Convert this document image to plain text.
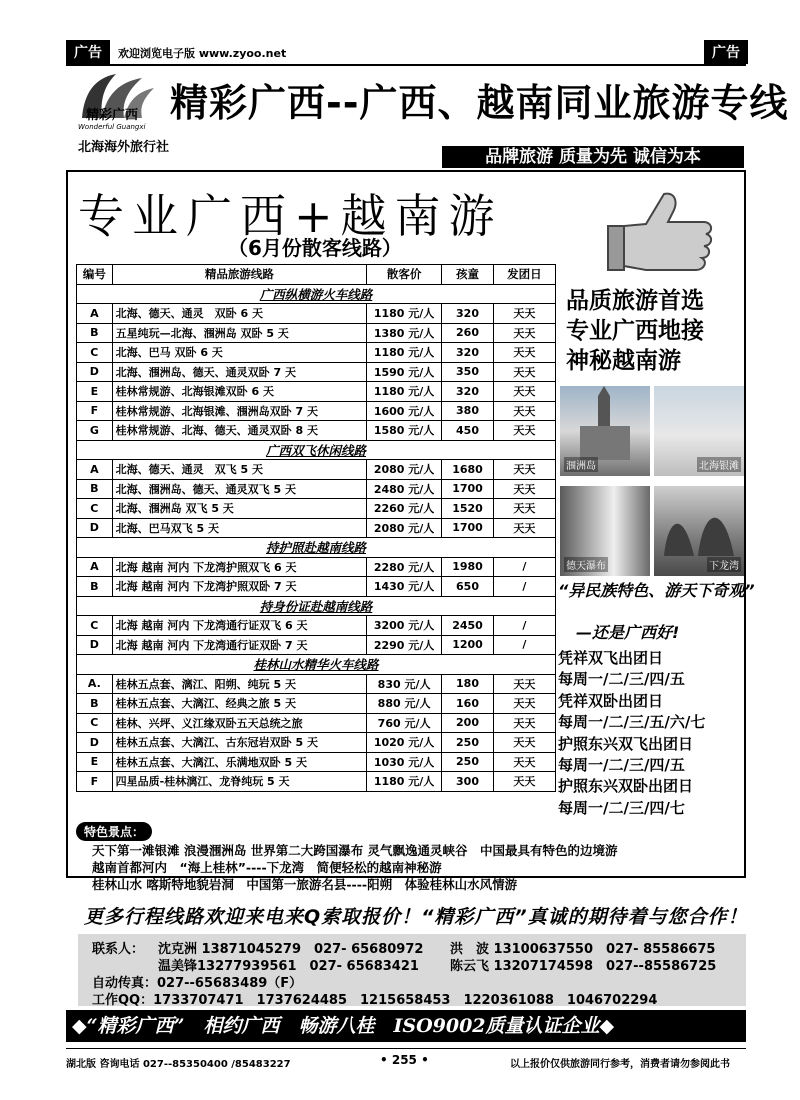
广告	欢迎浏览电子版 www.zyoo.net	广告
精彩广西
Wonderful Guangxi
精彩广西--广西、越南同业旅游专线
北海海外旅行社	品牌旅游 质量为先 诚信为本
专业广西+越南游
（6月份散客线路）
编号	精品旅游线路	散客价	孩童	发团日
广西纵横游火车线路				
A	北海、德天、通灵　双卧 6 天	1180 元/人	320	天天
B	五星纯玩—北海、涠洲岛 双卧 5 天	1380 元/人	260	天天
C	北海、巴马 双卧 6 天	1180 元/人	320	天天
D	北海、涠洲岛、德天、通灵双卧 7 天	1590 元/人	350	天天
E	桂林常规游、北海银滩双卧 6 天	1180 元/人	320	天天
F	桂林常规游、北海银滩、涠洲岛双卧 7 天	1600 元/人	380	天天
G	桂林常规游、北海、德天、通灵双卧 8 天	1580 元/人	450	天天
广西双飞休闲线路				
A	北海、德天、通灵　双飞 5 天	2080 元/人	1680	天天
B	北海、涠洲岛、德天、通灵双飞 5 天	2480 元/人	1700	天天
C	北海、涠洲岛 双飞 5 天	2260 元/人	1520	天天
D	北海、巴马双飞 5 天	2080 元/人	1700	天天
持护照赴越南线路				
A	北海 越南 河内 下龙湾护照双飞 6 天	2280 元/人	1980	/
B	北海 越南 河内 下龙湾护照双卧 7 天	1430 元/人	650	/
持身份证赴越南线路				
C	北海 越南 河内 下龙湾通行证双飞 6 天	3200 元/人	2450	/
D	北海 越南 河内 下龙湾通行证双卧 7 天	2290 元/人	1200	/
桂林山水精华火车线路				
A.	桂林五点套、漓江、阳朔、纯玩 5 天	830 元/人	180	天天
B	桂林五点套、大漓江、经典之旅 5 天	880 元/人	160	天天
C	桂林、兴坪、义江缘双卧五天总统之旅	760 元/人	200	天天
D	桂林五点套、大漓江、古东冠岩双卧 5 天	1020 元/人	250	天天
E	桂林五点套、大漓江、乐满地双卧 5 天	1030 元/人	250	天天
F	四星品质-桂林漓江、龙脊纯玩 5 天	1180 元/人	300	天天
品质旅游首选
专业广西地接
神秘越南游
涠洲岛	北海银滩
德天瀑布	下龙湾
“异民族特色、游天下奇观”
—还是广西好!
凭祥双飞出团日
每周一/二/三/四/五
凭祥双卧出团日
每周一/二/三/五/六/七
护照东兴双飞出团日
每周一/二/三/四/五
护照东兴双卧出团日
每周一/二/三/四/七
特色景点：
天下第一滩银滩 浪漫涠洲岛 世界第二大跨国瀑布 灵气飘逸通灵峡谷　中国最具有特色的边境游
越南首都河内　“海上桂林”----下龙湾　简便轻松的越南神秘游
桂林山水 喀斯特地貌岩洞　中国第一旅游名县----阳朔　体验桂林山水风情游
更多行程线路欢迎来电来Q索取报价！“精彩广西”真诚的期待着与您合作！
联系人： 沈克洲 13871045279　027- 65680972 洪　波 13100637550　027- 85586675
温美锋13277939561　027- 65683421 陈云飞 13207174598　027--85586725
自动传真：027--65683489（F）
工作QQ：1733707471　1737624485　1215658453　1220361088　1046702294
◆“精彩广西”　相约广西　畅游八桂　ISO9002质量认证企业◆
湖北版 咨询电话 027--85350400 /85483227	• 255 •	以上报价仅供旅游同行参考，消费者请勿参阅此书
